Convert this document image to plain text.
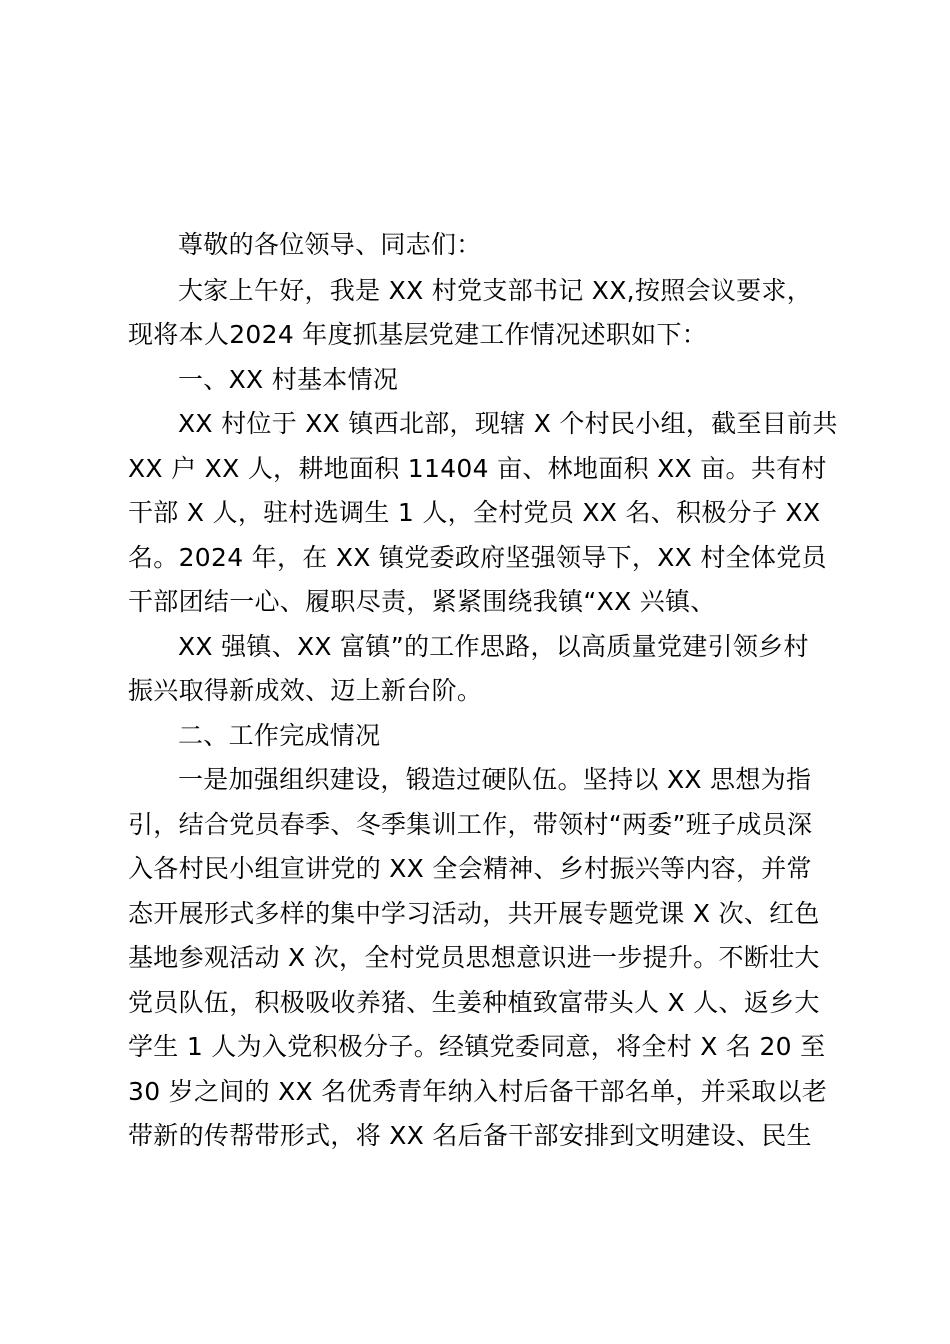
尊敬的各位领导、同志们：
大家上午好，我是 XX 村党支部书记 XX,按照会议要求，
现将本人2024 年度抓基层党建工作情况述职如下：
一、XX 村基本情况
XX 村位于 XX 镇西北部，现辖 X 个村民小组，截至目前共
XX 户 XX 人，耕地面积 11404 亩、林地面积 XX 亩。共有村
干部 X 人，驻村选调生 1 人，全村党员 XX 名、积极分子 XX
名。2024 年，在 XX 镇党委政府坚强领导下，XX 村全体党员
干部团结一心、履职尽责，紧紧围绕我镇“XX 兴镇、
XX 强镇、XX 富镇”的工作思路，以高质量党建引领乡村
振兴取得新成效、迈上新台阶。
二、工作完成情况
一是加强组织建设，锻造过硬队伍。坚持以 XX 思想为指
引，结合党员春季、冬季集训工作，带领村“两委”班子成员深
入各村民小组宣讲党的 XX 全会精神、乡村振兴等内容，并常
态开展形式多样的集中学习活动，共开展专题党课 X 次、红色
基地参观活动 X 次，全村党员思想意识进一步提升。不断壮大
党员队伍，积极吸收养猪、生姜种植致富带头人 X 人、返乡大
学生 1 人为入党积极分子。经镇党委同意，将全村 X 名 20 至
30 岁之间的 XX 名优秀青年纳入村后备干部名单，并采取以老
带新的传帮带形式，将 XX 名后备干部安排到文明建设、民生
